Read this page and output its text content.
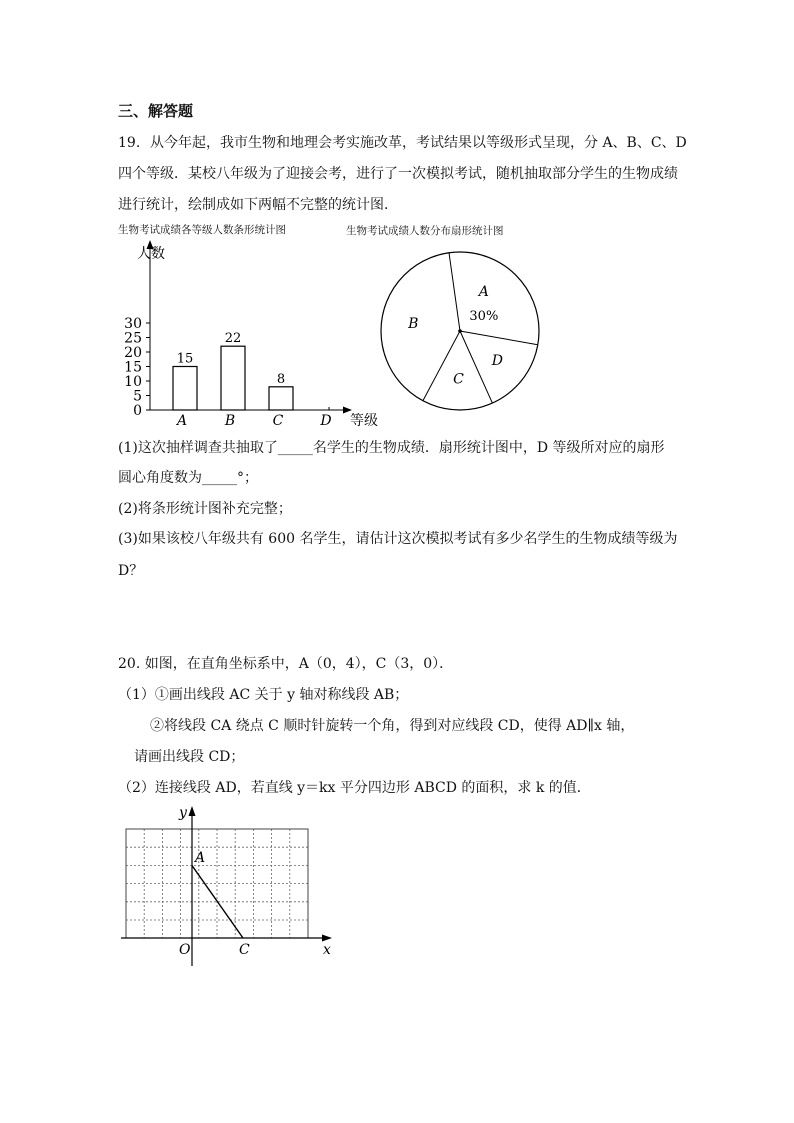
三、解答题
19. 从今年起，我市生物和地理会考实施改革，考试结果以等级形式呈现，分 A、B、C、D
四个等级．某校八年级为了迎接会考，进行了一次模拟考试，随机抽取部分学生的生物成绩
进行统计，绘制成如下两幅不完整的统计图．
生物考试成绩各等级人数条形统计图	生物考试成绩人数分布扇形统计图
人数
等级
0
5
10
15
20
25
30
15
A
22
B
8
C	D
A
30%
D
C
B
(1)这次抽样调查共抽取了_____名学生的生物成绩．扇形统计图中，D 等级所对应的扇形
圆心角度数为_____°；
(2)将条形统计图补充完整；
(3)如果该校八年级共有 600 名学生，请估计这次模拟考试有多少名学生的生物成绩等级为
D？
20. 如图，在直角坐标系中，A（0，4），C（3，0）．
（1）①画出线段 AC 关于 y 轴对称线段 AB；
②将线段 CA 绕点 C 顺时针旋转一个角，得到对应线段 CD，使得 AD∥x 轴，
请画出线段 CD；
（2）连接线段 AD，若直线 y＝kx 平分四边形 ABCD 的面积，求 k 的值．
y
x
O
A
C
